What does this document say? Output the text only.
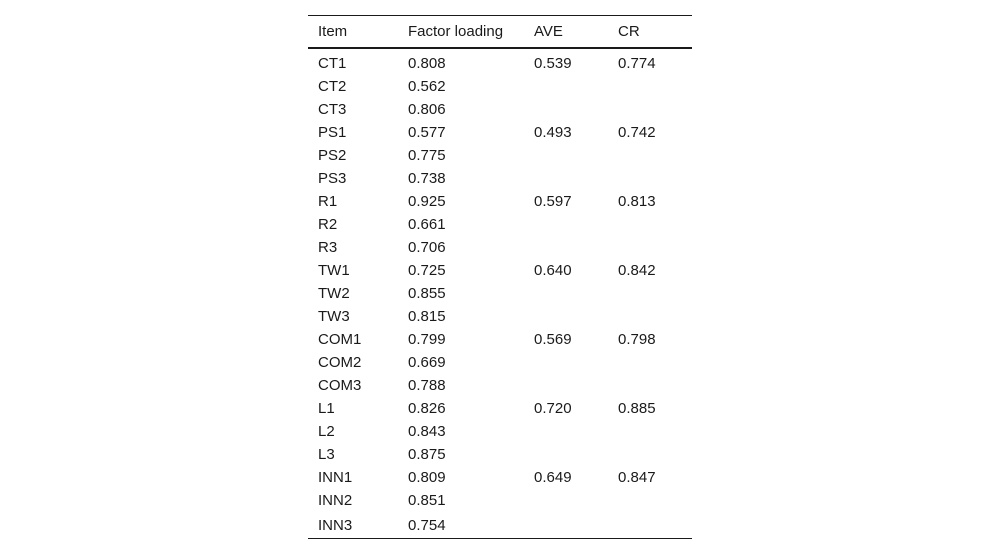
Item	Factor loading	AVE	CR
CT1	0.808	0.539	0.774
CT2	0.562		
CT3	0.806		
PS1	0.577	0.493	0.742
PS2	0.775		
PS3	0.738		
R1	0.925	0.597	0.813
R2	0.661		
R3	0.706		
TW1	0.725	0.640	0.842
TW2	0.855		
TW3	0.815		
COM1	0.799	0.569	0.798
COM2	0.669		
COM3	0.788		
L1	0.826	0.720	0.885
L2	0.843		
L3	0.875		
INN1	0.809	0.649	0.847
INN2	0.851		
INN3	0.754		
